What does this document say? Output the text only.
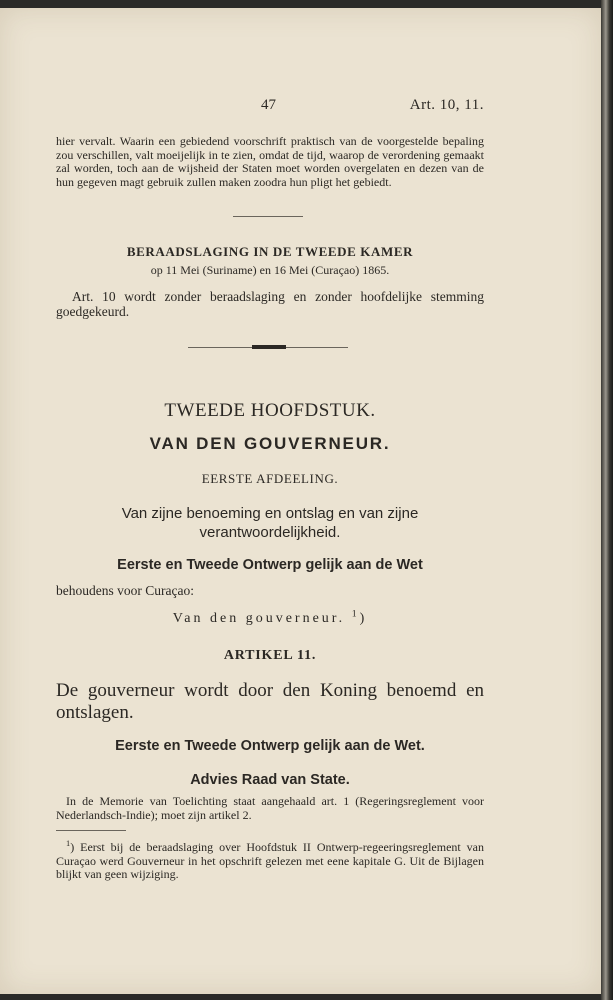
47	Art. 10, 11.
hier vervalt. Waarin een gebiedend voorschrift praktisch van de voorgestelde bepaling zou verschillen, valt moeijelijk in te zien, omdat de tijd, waarop de verordening gemaakt zal worden, toch aan de wijsheid der Staten moet worden overgelaten en dezen van de hun gegeven magt gebruik zullen maken zoodra hun pligt het gebiedt.
BERAADSLAGING IN DE TWEEDE KAMER
op 11 Mei (Suriname) en 16 Mei (Curaçao) 1865.
Art. 10 wordt zonder beraadslaging en zonder hoofdelijke stemming goedgekeurd.
TWEEDE HOOFDSTUK.
VAN DEN GOUVERNEUR.
EERSTE AFDEELING.
Van zijne benoeming en ontslag en van zijne verantwoordelijkheid.
Eerste en Tweede Ontwerp gelijk aan de Wet
behoudens voor Curaçao:
Van den gouverneur. $^1$)
ARTIKEL 11.
De gouverneur wordt door den Koning benoemd en ontslagen.
Eerste en Tweede Ontwerp gelijk aan de Wet.
Advies Raad van State.
In de Memorie van Toelichting staat aangehaald art. 1 (Regeringsreglement voor Nederlandsch-Indie); moet zijn artikel 2.
$^1$) Eerst bij de beraadslaging over Hoofdstuk II Ontwerp-regeeringsreglement van Curaçao werd Gouverneur in het opschrift gelezen met eene kapitale G. Uit de Bijlagen blijkt van geen wijziging.
